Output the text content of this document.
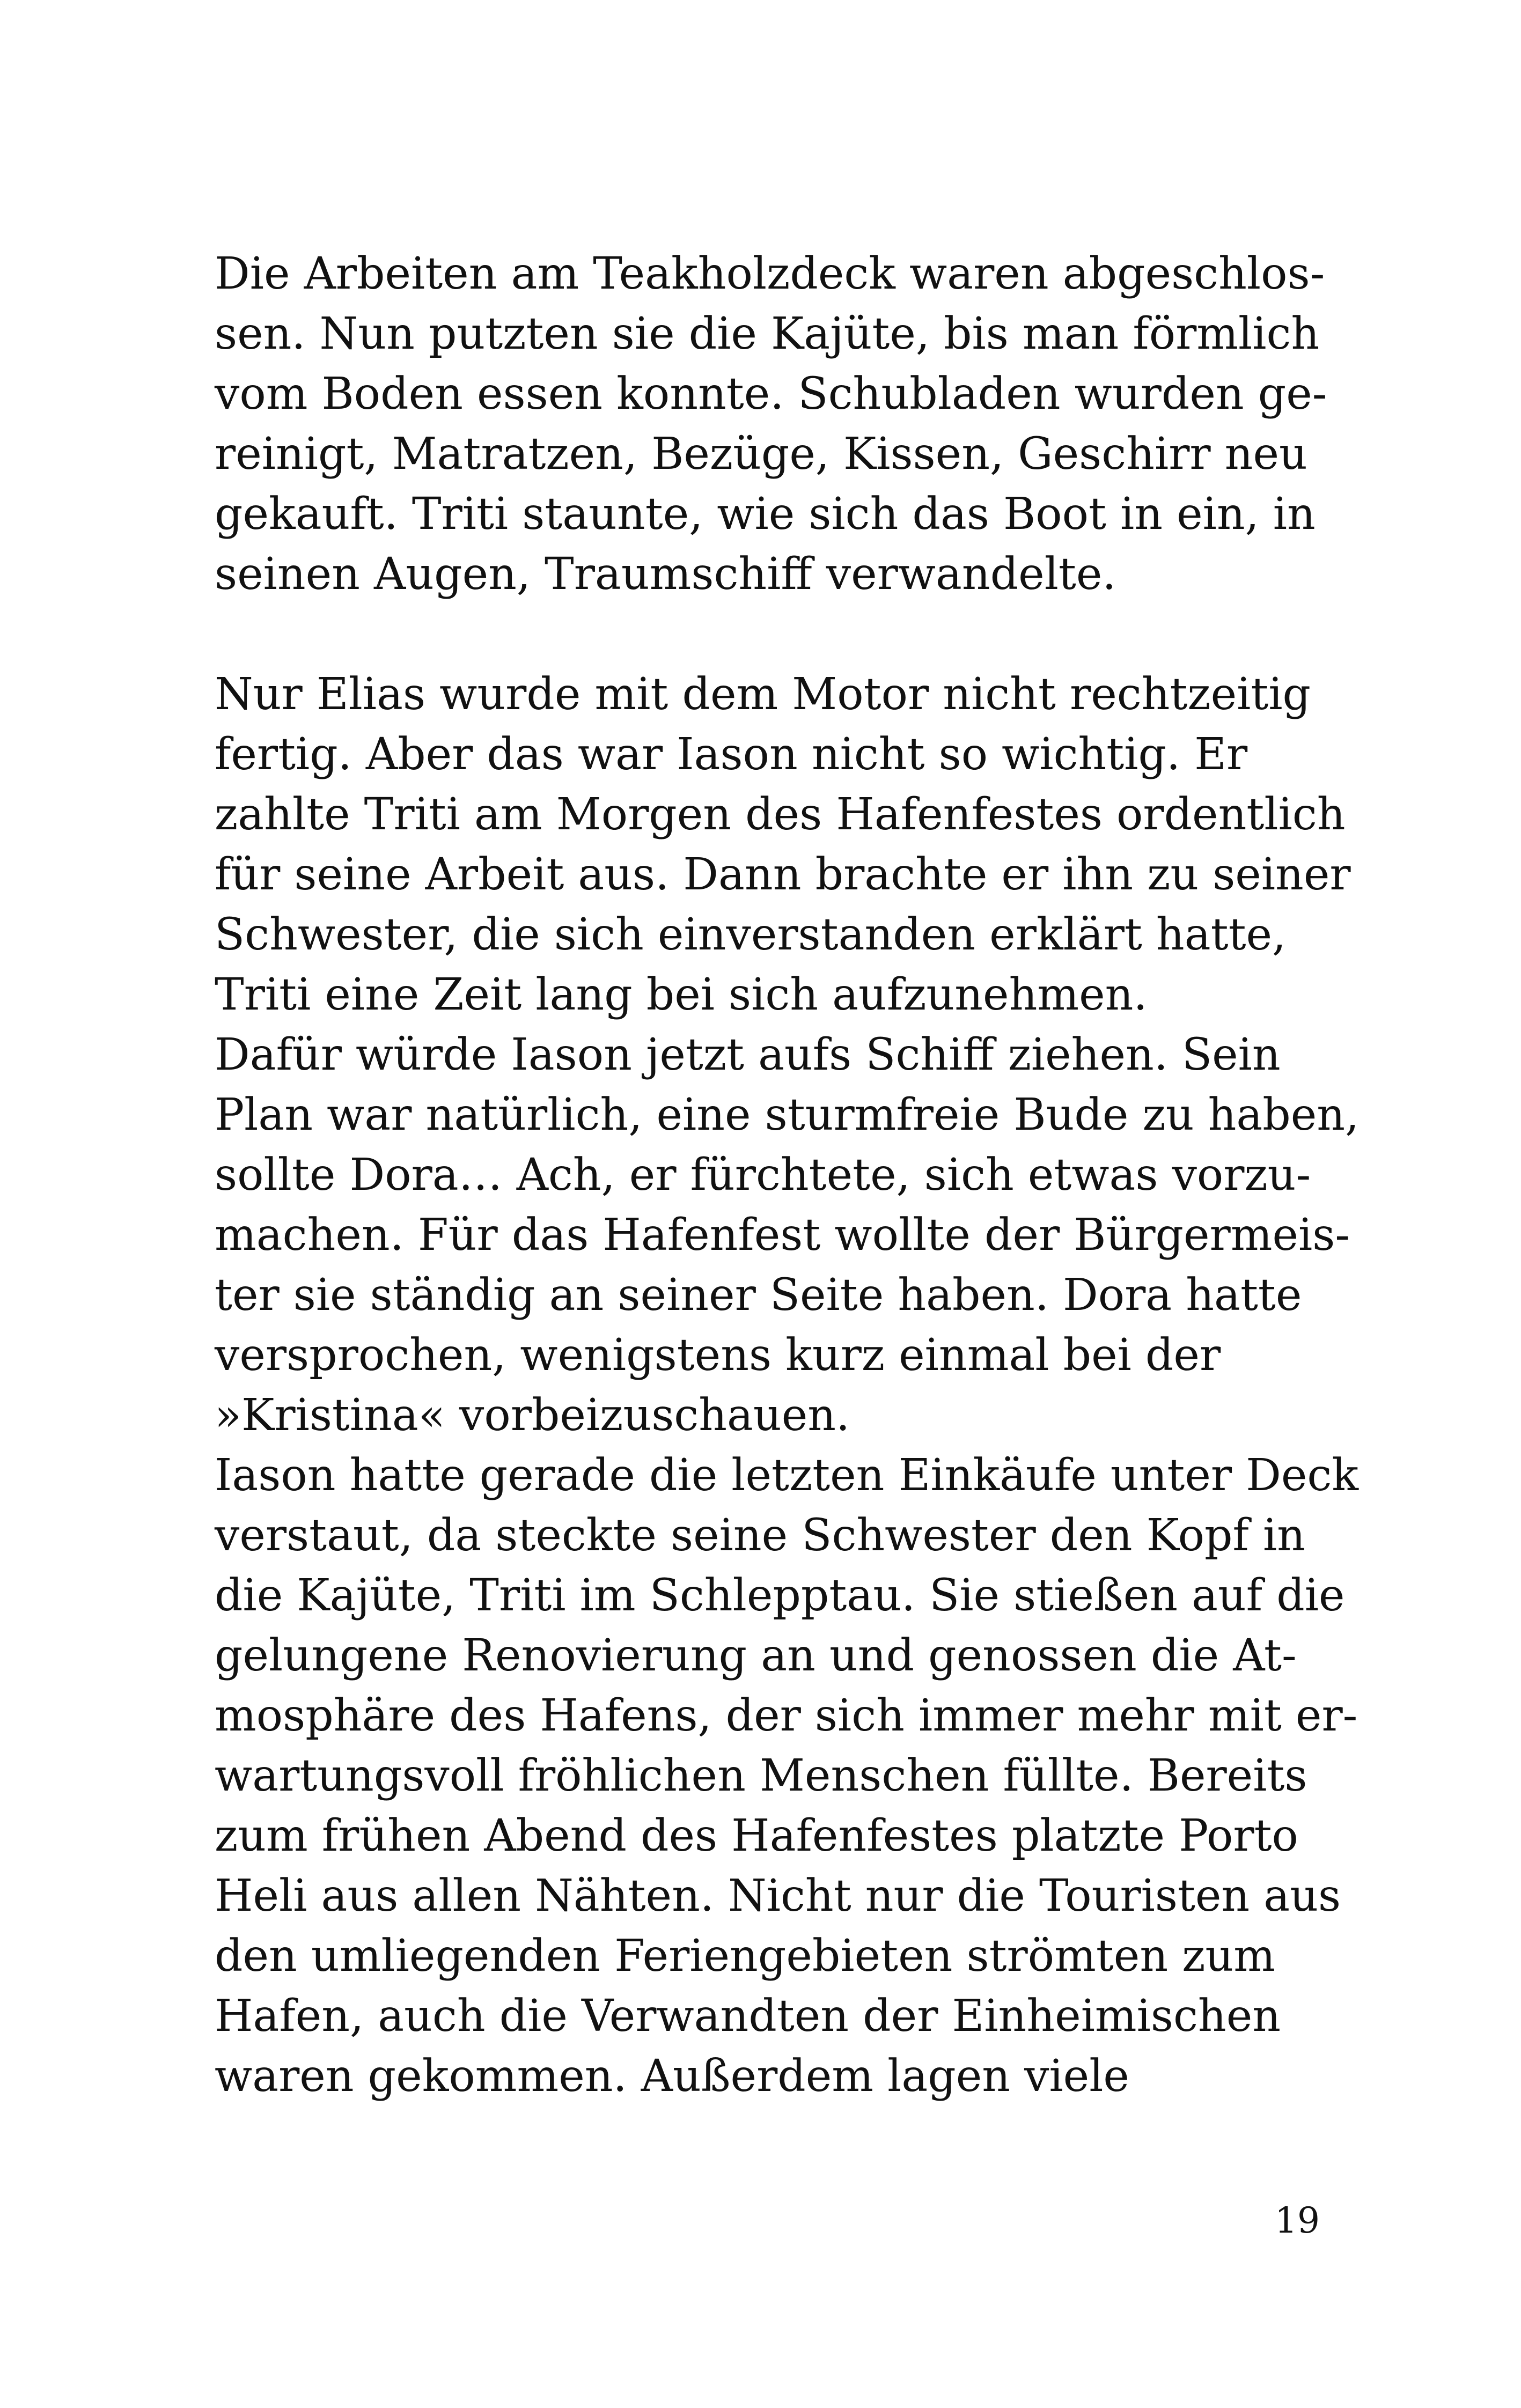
Die Arbeiten am Teakholzdeck waren abgeschlos-
sen. Nun putzten sie die Kajüte, bis man förmlich
vom Boden essen konnte. Schubladen wurden ge-
reinigt, Matratzen, Bezüge, Kissen, Geschirr neu
gekauft. Triti staunte, wie sich das Boot in ein, in
seinen Augen, Traumschiff verwandelte.
Nur Elias wurde mit dem Motor nicht rechtzeitig
fertig. Aber das war Iason nicht so wichtig. Er
zahlte Triti am Morgen des Hafenfestes ordentlich
für seine Arbeit aus. Dann brachte er ihn zu seiner
Schwester, die sich einverstanden erklärt hatte,
Triti eine Zeit lang bei sich aufzunehmen.
Dafür würde Iason jetzt aufs Schiff ziehen. Sein
Plan war natürlich, eine sturmfreie Bude zu haben,
sollte Dora… Ach, er fürchtete, sich etwas vorzu-
machen. Für das Hafenfest wollte der Bürgermeis-
ter sie ständig an seiner Seite haben. Dora hatte
versprochen, wenigstens kurz einmal bei der
»Kristina« vorbeizuschauen.
Iason hatte gerade die letzten Einkäufe unter Deck
verstaut, da steckte seine Schwester den Kopf in
die Kajüte, Triti im Schlepptau. Sie stießen auf die
gelungene Renovierung an und genossen die At-
mosphäre des Hafens, der sich immer mehr mit er-
wartungsvoll fröhlichen Menschen füllte. Bereits
zum frühen Abend des Hafenfestes platzte Porto
Heli aus allen Nähten. Nicht nur die Touristen aus
den umliegenden Feriengebieten strömten zum
Hafen, auch die Verwandten der Einheimischen
waren gekommen. Außerdem lagen viele
19
